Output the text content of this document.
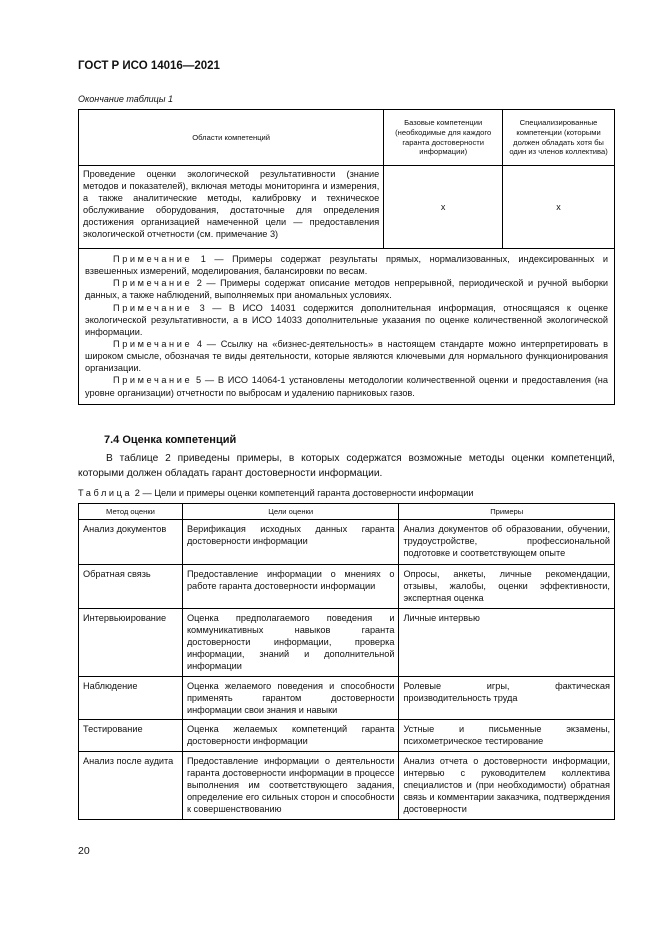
ГОСТ Р ИСО 14016—2021
Окончание таблицы 1
Области компетенций	Базовые компетенции (необходимые для каждого гаранта достоверности информации)	Специализированные компетенции (которыми должен обладать хотя бы один из членов коллектива)
Проведение оценки экологической результативности (знание методов и показателей), включая методы мониторинга и измерения, а также аналитические методы, калибровку и техническое обслуживание оборудования, достаточные для определения достижения организацией намеченной цели — предоставления экологической отчетности (см. примечание 3)	x	x

Примечание 1 — Примеры содержат результаты прямых, нормализованных, индексированных и взвешенных измерений, моделирования, балансировки по весам.

Примечание 2 — Примеры содержат описание методов непрерывной, периодической и ручной выборки данных, а также наблюдений, выполняемых при аномальных условиях.

Примечание 3 — В ИСО 14031 содержится дополнительная информация, относящаяся к оценке экологической результативности, а в ИСО 14033 дополнительные указания по оценке количественной экологической информации.

Примечание 4 — Ссылку на «бизнес-деятельность» в настоящем стандарте можно интерпретировать в широком смысле, обозначая те виды деятельности, которые являются ключевыми для нормального функционирования организации.

Примечание 5 — В ИСО 14064-1 установлены методологии количественной оценки и предоставления (на уровне организации) отчетности по выбросам и удалению парниковых газов.		

7.4 Оценка компетенций

В таблице 2 приведены примеры, в которых содержатся возможные методы оценки компетенций, которыми должен обладать гарант достоверности информации.

Таблица 2 — Цели и примеры оценки компетенций гаранта достоверности информации
Метод оценки	Цели оценки	Примеры
Анализ документов	Верификация исходных данных гаранта достоверности информации	Анализ документов об образовании, обучении, трудоустройстве, профессиональной подготовке и соответствующем опыте
Обратная связь	Предоставление информации о мнениях о работе гаранта достоверности информации	Опросы, анкеты, личные рекомендации, отзывы, жалобы, оценки эффективности, экспертная оценка
Интервьюирование	Оценка предполагаемого поведения и коммуникативных навыков гаранта достоверности информации, проверка информации, знаний и дополнительной информации	Личные интервью
Наблюдение	Оценка желаемого поведения и способности применять гарантом достоверности информации свои знания и навыки	Ролевые игры, фактическая производительность труда
Тестирование	Оценка желаемых компетенций гаранта достоверности информации	Устные и письменные экзамены, психометрическое тестирование
Анализ после аудита	Предоставление информации о деятельности гаранта достоверности информации в процессе выполнения им соответствующего задания, определение его сильных сторон и способности к совершенствованию	Анализ отчета о достоверности информации, интервью с руководителем коллектива специалистов и (при необходимости) обратная связь и комментарии заказчика, подтверждения достоверности
20
